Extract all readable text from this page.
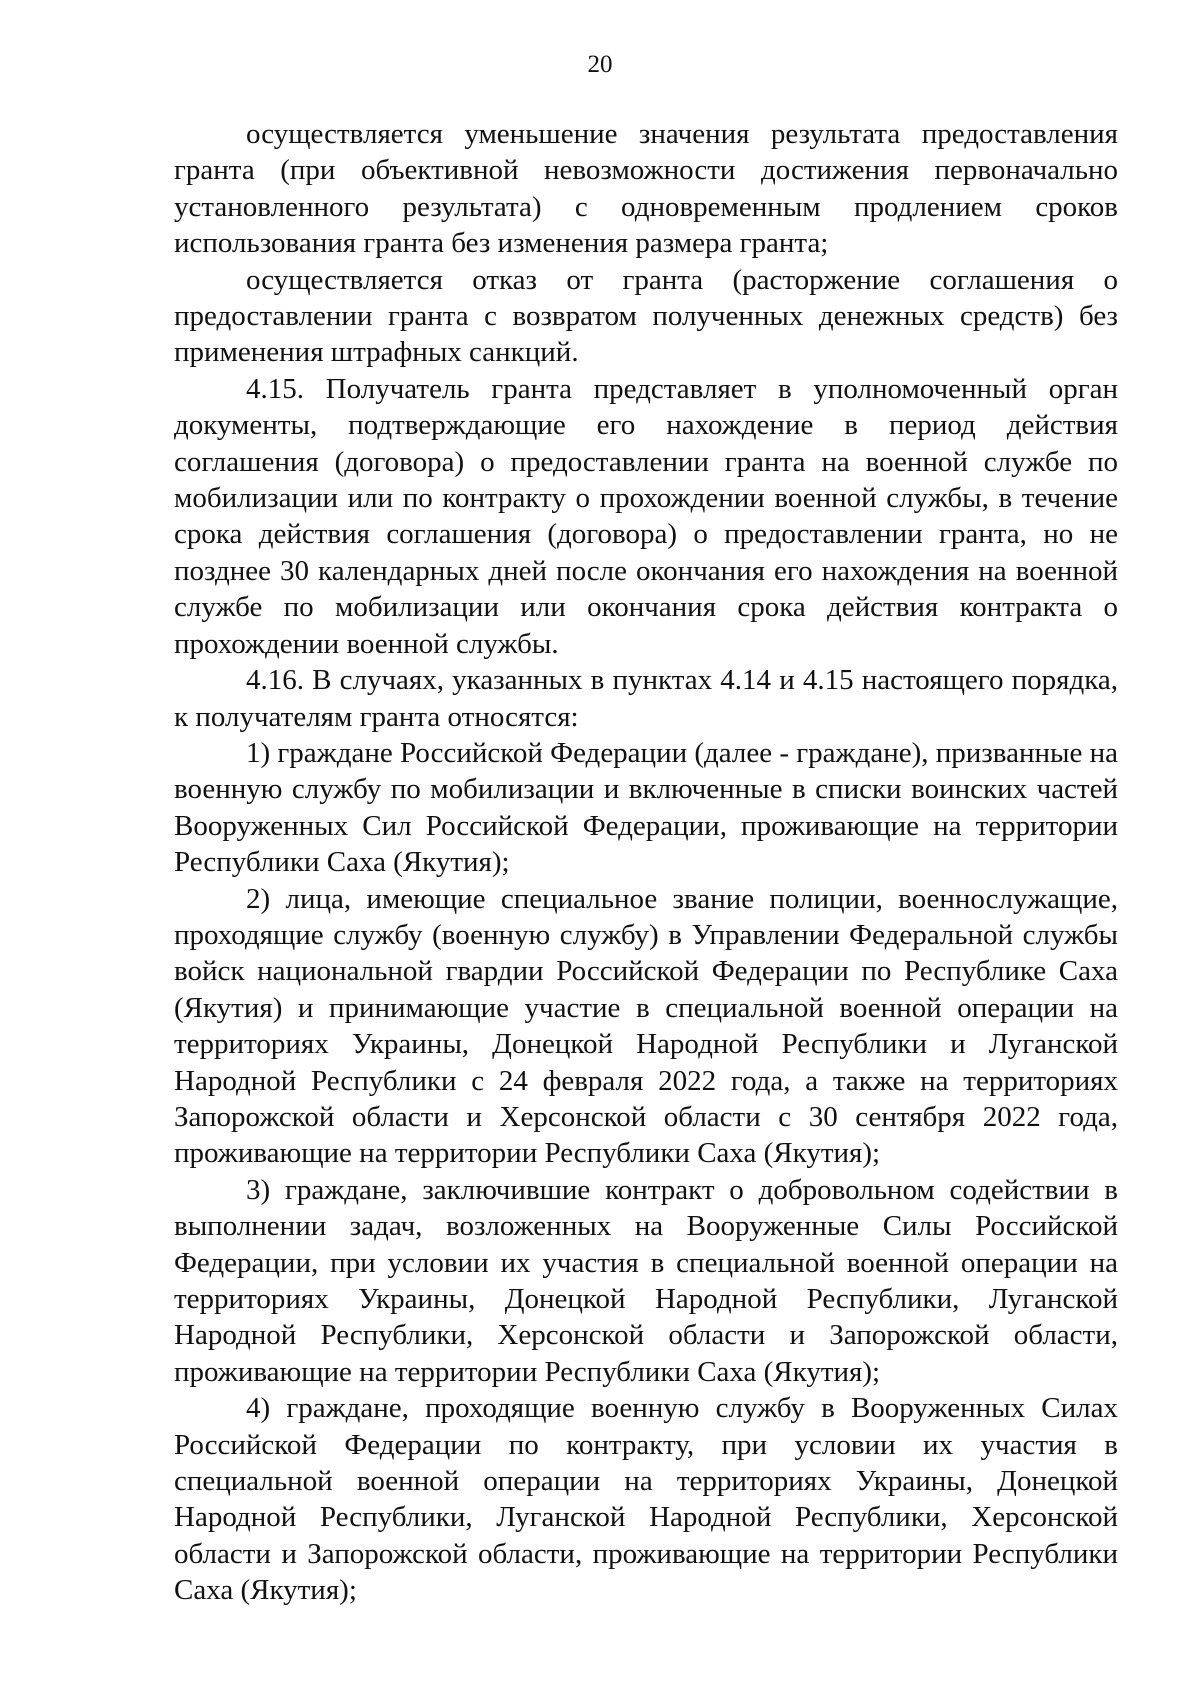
20

осуществляется уменьшение значения результата предоставления гранта (при объективной невозможности достижения первоначально установленного результата) с одновременным продлением сроков использования гранта без изменения размера гранта;

осуществляется отказ от гранта (расторжение соглашения о предоставлении гранта с возвратом полученных денежных средств) без применения штрафных санкций.

4.15. Получатель гранта представляет в уполномоченный орган документы, подтверждающие его нахождение в период действия соглашения (договора) о предоставлении гранта на военной службе по мобилизации или по контракту о прохождении военной службы, в течение срока действия соглашения (договора) о предоставлении гранта, но не позднее 30 календарных дней после окончания его нахождения на военной службе по мобилизации или окончания срока действия контракта о прохождении военной службы.

4.16. В случаях, указанных в пунктах 4.14 и 4.15 настоящего порядка, к получателям гранта относятся:

1) граждане Российской Федерации (далее - граждане), призванные на военную службу по мобилизации и включенные в списки воинских частей Вооруженных Сил Российской Федерации, проживающие на территории Республики Саха (Якутия);

2) лица, имеющие специальное звание полиции, военнослужащие, проходящие службу (военную службу) в Управлении Федеральной службы войск национальной гвардии Российской Федерации по Республике Саха (Якутия) и принимающие участие в специальной военной операции на территориях Украины, Донецкой Народной Республики и Луганской Народной Республики с 24 февраля 2022 года, а также на территориях Запорожской области и Херсонской области с 30 сентября 2022 года, проживающие на территории Республики Саха (Якутия);

3) граждане, заключившие контракт о добровольном содействии в выполнении задач, возложенных на Вооруженные Силы Российской Федерации, при условии их участия в специальной военной операции на территориях Украины, Донецкой Народной Республики, Луганской Народной Республики, Херсонской области и Запорожской области, проживающие на территории Республики Саха (Якутия);

4) граждане, проходящие военную службу в Вооруженных Силах Российской Федерации по контракту, при условии их участия в специальной военной операции на территориях Украины, Донецкой Народной Республики, Луганской Народной Республики, Херсонской области и Запорожской области, проживающие на территории Республики Саха (Якутия);
